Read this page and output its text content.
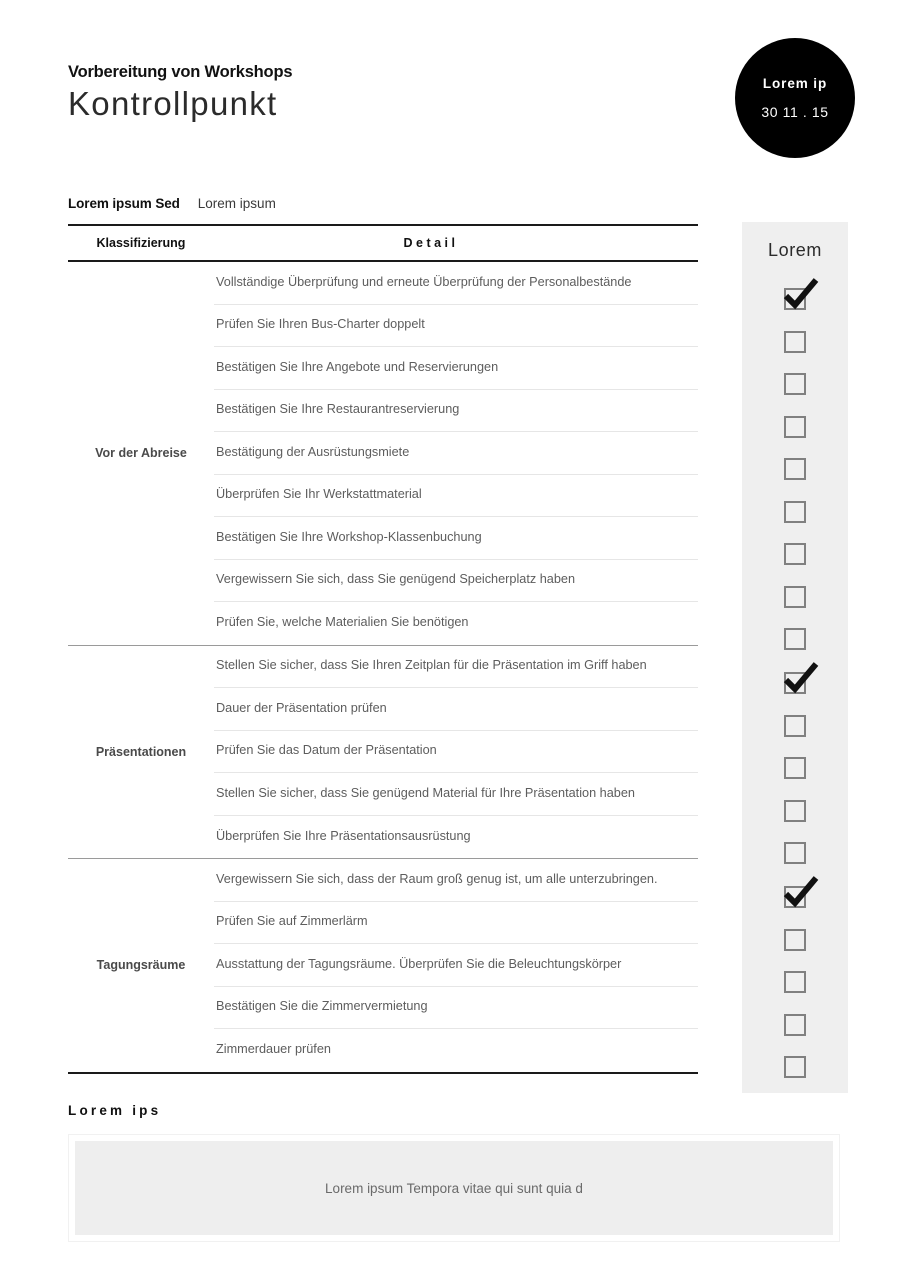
Vorbereitung von Workshops
Kontrollpunkt
Lorem ip
30 11 . 15
Lorem ipsum Sed Lorem ipsum
Klassifizierung	Detail
Vor der Abreise
Vollständige Überprüfung und erneute Überprüfung der Personalbestände
Prüfen Sie Ihren Bus-Charter doppelt
Bestätigen Sie Ihre Angebote und Reservierungen
Bestätigen Sie Ihre Restaurantreservierung
Bestätigung der Ausrüstungsmiete
Überprüfen Sie Ihr Werkstattmaterial
Bestätigen Sie Ihre Workshop-Klassenbuchung
Vergewissern Sie sich, dass Sie genügend Speicherplatz haben
Prüfen Sie, welche Materialien Sie benötigen
Präsentationen
Stellen Sie sicher, dass Sie Ihren Zeitplan für die Präsentation im Griff haben
Dauer der Präsentation prüfen
Prüfen Sie das Datum der Präsentation
Stellen Sie sicher, dass Sie genügend Material für Ihre Präsentation haben
Überprüfen Sie Ihre Präsentationsausrüstung
Tagungsräume
Vergewissern Sie sich, dass der Raum groß genug ist, um alle unterzubringen.
Prüfen Sie auf Zimmerlärm
Ausstattung der Tagungsräume. Überprüfen Sie die Beleuchtungskörper
Bestätigen Sie die Zimmervermietung
Zimmerdauer prüfen
Lorem
Lorem ips
Lorem ipsum Tempora vitae qui sunt quia d
